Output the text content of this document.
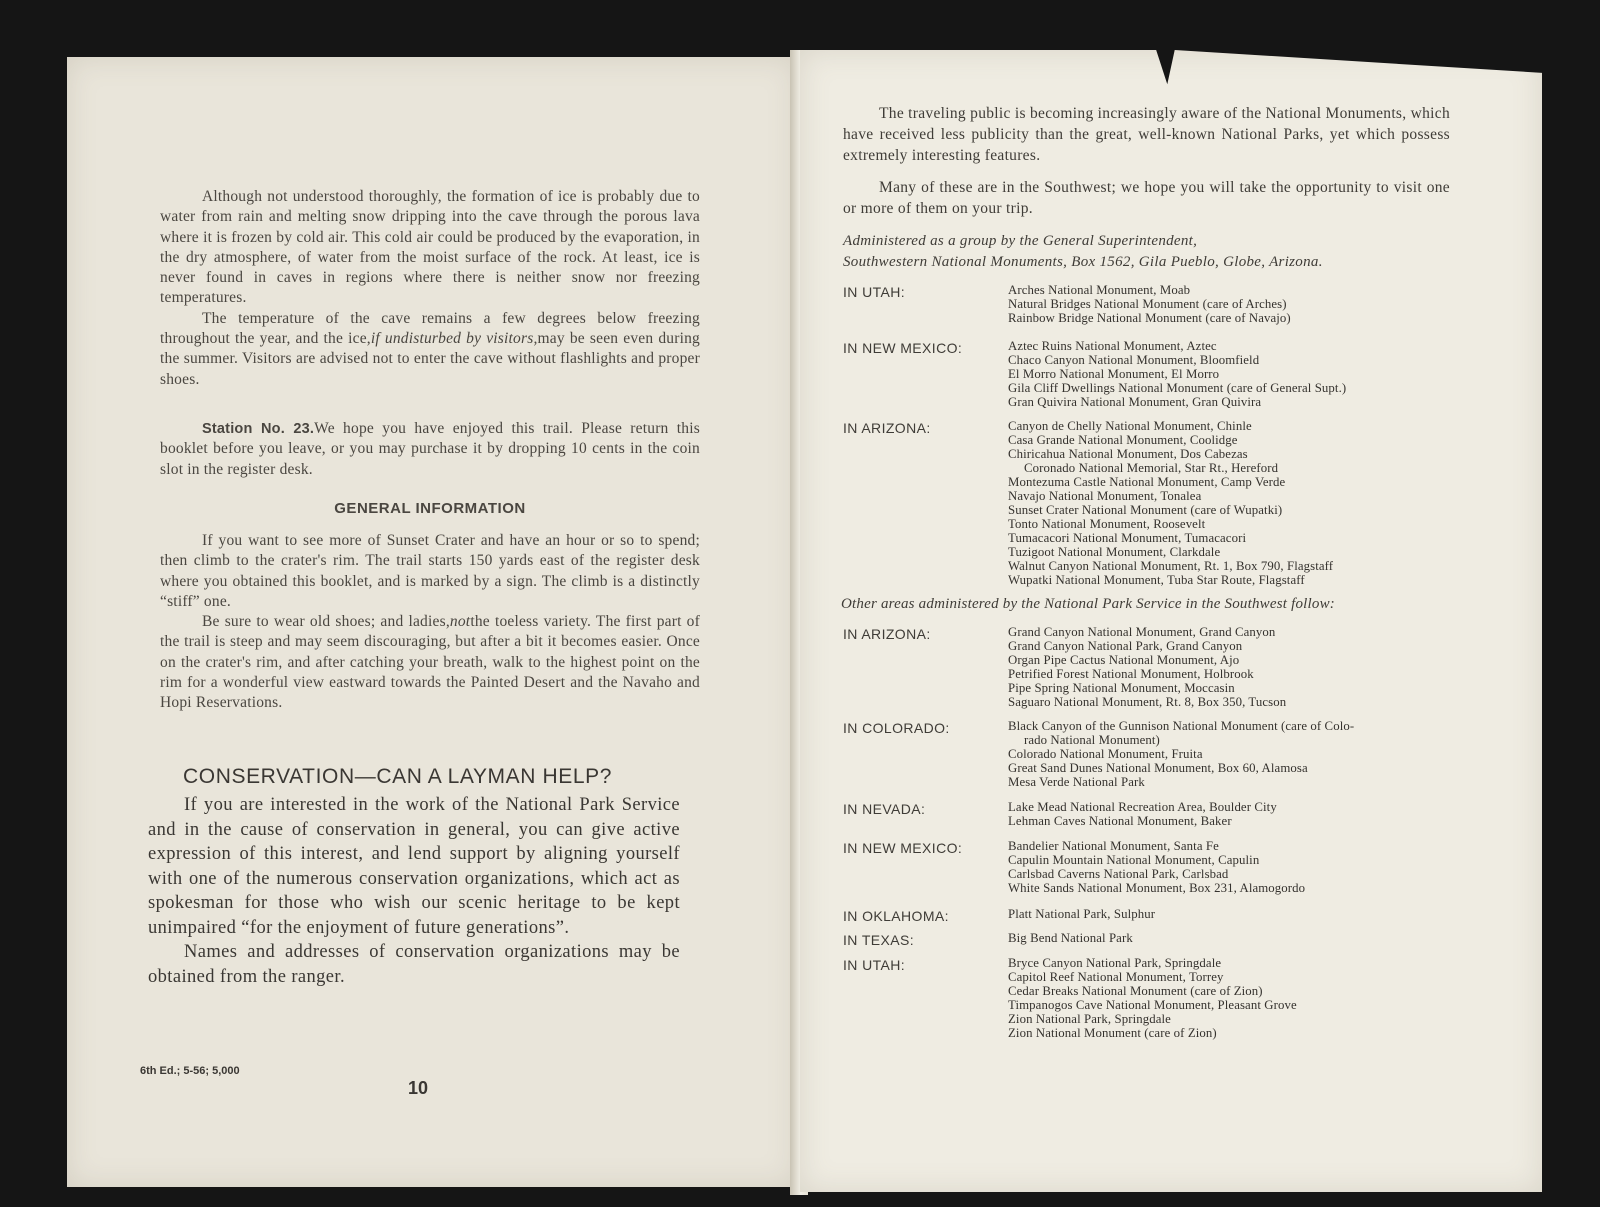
Although not understood thoroughly, the formation of ice is probably due to water from rain and melting snow dripping into the cave through the porous lava where it is frozen by cold air. This cold air could be produced by the evaporation, in the dry atmosphere, of water from the moist surface of the rock. At least, ice is never found in caves in regions where there is neither snow nor freezing temperatures.

The temperature of the cave remains a few degrees below freezing throughout the year, and the ice,if undisturbed by visitors,may be seen even during the summer. Visitors are advised not to enter the cave without flashlights and proper shoes.

Station No. 23.We hope you have enjoyed this trail. Please return this booklet before you leave, or you may purchase it by dropping 10 cents in the coin slot in the register desk.

GENERAL INFORMATION

If you want to see more of Sunset Crater and have an hour or so to spend; then climb to the crater's rim. The trail starts 150 yards east of the register desk where you obtained this booklet, and is marked by a sign. The climb is a distinctly “stiff” one.

Be sure to wear old shoes; and ladies,notthe toeless variety. The first part of the trail is steep and may seem discouraging, but after a bit it becomes easier. Once on the crater's rim, and after catching your breath, walk to the highest point on the rim for a wonderful view eastward towards the Painted Desert and the Navaho and Hopi Reservations.

CONSERVATION—CAN A LAYMAN HELP?

If you are interested in the work of the National Park Service and in the cause of conservation in general, you can give active expression of this interest, and lend support by aligning yourself with one of the numerous conservation organizations, which act as spokesman for those who wish our scenic heritage to be kept unimpaired “for the enjoyment of future generations”.

Names and addresses of conservation organizations may be obtained from the ranger.

6th Ed.; 5-56; 5,000
10

The traveling public is becoming increasingly aware of the National Monuments, which have received less publicity than the great, well-known National Parks, yet which possess extremely interesting features.

Many of these are in the Southwest; we hope you will take the opportunity to visit one or more of them on your trip.

Administered as a group by the General Superintendent,
Southwestern National Monuments, Box 1562, Gila Pueblo, Globe, Arizona.
IN UTAH:	Arches National Monument, Moab
Natural Bridges National Monument (care of Arches)
Rainbow Bridge National Monument (care of Navajo)
IN NEW MEXICO:	Aztec Ruins National Monument, Aztec
Chaco Canyon National Monument, Bloomfield
El Morro National Monument, El Morro
Gila Cliff Dwellings National Monument (care of General Supt.)
Gran Quivira National Monument, Gran Quivira
IN ARIZONA:	Canyon de Chelly National Monument, Chinle
Casa Grande National Monument, Coolidge
Chiricahua National Monument, Dos Cabezas
Coronado National Memorial, Star Rt., Hereford
Montezuma Castle National Monument, Camp Verde
Navajo National Monument, Tonalea
Sunset Crater National Monument (care of Wupatki)
Tonto National Monument, Roosevelt
Tumacacori National Monument, Tumacacori
Tuzigoot National Monument, Clarkdale
Walnut Canyon National Monument, Rt. 1, Box 790, Flagstaff
Wupatki National Monument, Tuba Star Route, Flagstaff
Other areas administered by the National Park Service in the Southwest follow:
IN ARIZONA:	Grand Canyon National Monument, Grand Canyon
Grand Canyon National Park, Grand Canyon
Organ Pipe Cactus National Monument, Ajo
Petrified Forest National Monument, Holbrook
Pipe Spring National Monument, Moccasin
Saguaro National Monument, Rt. 8, Box 350, Tucson
IN COLORADO:	Black Canyon of the Gunnison National Monument (care of Colo-
rado National Monument)
Colorado National Monument, Fruita
Great Sand Dunes National Monument, Box 60, Alamosa
Mesa Verde National Park
IN NEVADA:	Lake Mead National Recreation Area, Boulder City
Lehman Caves National Monument, Baker
IN NEW MEXICO:	Bandelier National Monument, Santa Fe
Capulin Mountain National Monument, Capulin
Carlsbad Caverns National Park, Carlsbad
White Sands National Monument, Box 231, Alamogordo
IN OKLAHOMA:	Platt National Park, Sulphur
IN TEXAS:	Big Bend National Park
IN UTAH:	Bryce Canyon National Park, Springdale
Capitol Reef National Monument, Torrey
Cedar Breaks National Monument (care of Zion)
Timpanogos Cave National Monument, Pleasant Grove
Zion National Park, Springdale
Zion National Monument (care of Zion)
